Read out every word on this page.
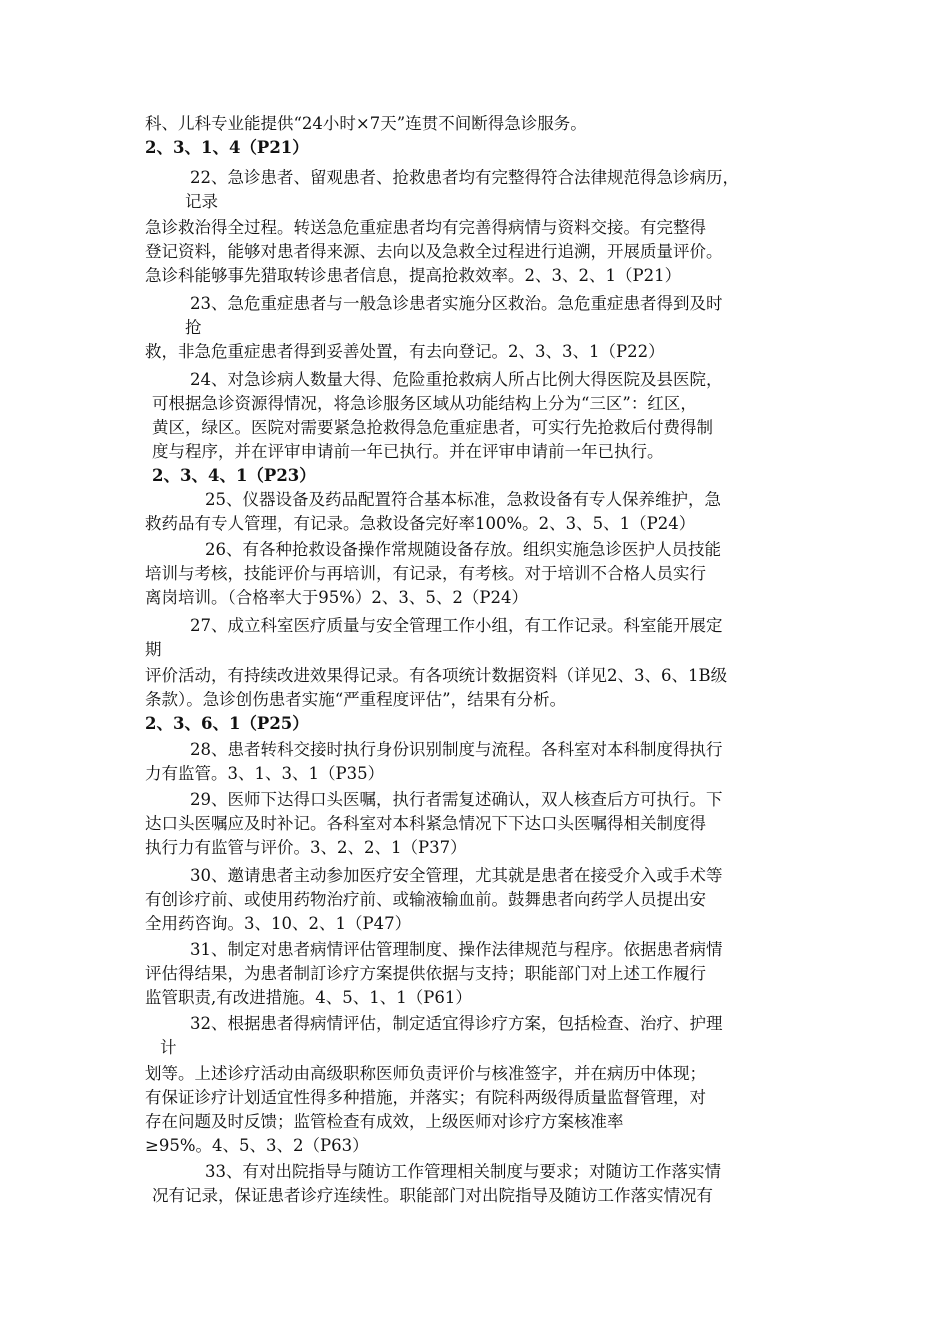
科、儿科专业能提供“24小时×7天”连贯不间断得急诊服务。
2、3、1、4（P21）
22、急诊患者、留观患者、抢救患者均有完整得符合法律规范得急诊病历，
记录
急诊救治得全过程。转送急危重症患者均有完善得病情与资料交接。有完整得
登记资料，能够对患者得来源、去向以及急救全过程进行追溯，开展质量评价。
急诊科能够事先猎取转诊患者信息，提高抢救效率。2、3、2、1（P21）
23、急危重症患者与一般急诊患者实施分区救治。急危重症患者得到及时
抢
救，非急危重症患者得到妥善处置，有去向登记。2、3、3、1（P22）
24、对急诊病人数量大得、危险重抢救病人所占比例大得医院及县医院，
可根据急诊资源得情况，将急诊服务区域从功能结构上分为“三区”：红区，
黄区，绿区。医院对需要紧急抢救得急危重症患者，可实行先抢救后付费得制
度与程序，并在评审申请前一年已执行。并在评审申请前一年已执行。
2、3、4、1（P23）
25、仪器设备及药品配置符合基本标准，急救设备有专人保养维护，急
救药品有专人管理，有记录。急救设备完好率100%。2、3、5、1（P24）
26、有各种抢救设备操作常规随设备存放。组织实施急诊医护人员技能
培训与考核，技能评价与再培训，有记录，有考核。对于培训不合格人员实行
离岗培训。（合格率大于95%）2、3、5、2（P24）
27、成立科室医疗质量与安全管理工作小组，有工作记录。科室能开展定
期
评价活动，有持续改进效果得记录。有各项统计数据资料（详见2、3、6、1B级
条款）。急诊创伤患者实施“严重程度评估”，结果有分析。
2、3、6、1（P25）
28、患者转科交接时执行身份识别制度与流程。各科室对本科制度得执行
力有监管。3、1、3、1（P35）
29、医师下达得口头医嘱，执行者需复述确认，双人核查后方可执行。下
达口头医嘱应及时补记。各科室对本科紧急情况下下达口头医嘱得相关制度得
执行力有监管与评价。3、2、2、1（P37）
30、邀请患者主动参加医疗安全管理，尤其就是患者在接受介入或手术等
有创诊疗前、或使用药物治疗前、或输液输血前。鼓舞患者向药学人员提出安
全用药咨询。3、10、2、1（P47）
31、制定对患者病情评估管理制度、操作法律规范与程序。依据患者病情
评估得结果，为患者制訂诊疗方案提供依据与支持；职能部门对上述工作履行
监管职责,有改进措施。4、5、1、1（P61）
32、根据患者得病情评估，制定适宜得诊疗方案，包括检查、治疗、护理
计
划等。上述诊疗活动由高级职称医师负责评价与核准签字，并在病历中体现；
有保证诊疗计划适宜性得多种措施，并落实；有院科两级得质量监督管理，对
存在问题及时反馈；监管检查有成效，上级医师对诊疗方案核准率
≥95%。4、5、3、2（P63）
33、有对出院指导与随访工作管理相关制度与要求；对随访工作落实情
况有记录，保证患者诊疗连续性。职能部门对出院指导及随访工作落实情况有
